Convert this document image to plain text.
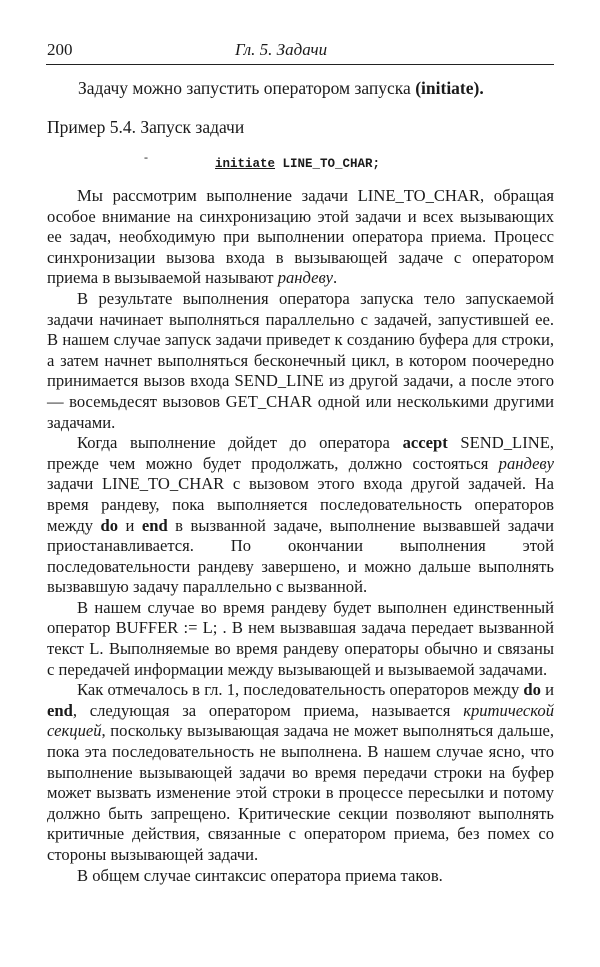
200	Гл. 5. Задачи
Задачу можно запустить оператором запуска (initiate).
Пример 5.4. Запуск задачи
-	initiate LINE_TO_CHAR;

Мы рассмотрим выполнение задачи LINE_TO_CHAR, обращая особое внимание на синхронизацию этой задачи и всех вызывающих ее задач, необходимую при выполнении оператора приема. Процесс синхронизации вызова входа в вызывающей задаче с оператором приема в вызываемой называют рандеву.

В результате выполнения оператора запуска тело запускаемой задачи начинает выполняться параллельно с задачей, запустившей ее. В нашем случае запуск задачи приведет к созданию буфера для строки, а затем начнет выполняться бесконечный цикл, в котором поочередно принимается вызов входа SEND_LINE из другой задачи, а после этого — восемьдесят вызовов GET_CHAR одной или несколькими другими задачами.

Когда выполнение дойдет до оператора accept SEND_LINE, прежде чем можно будет продолжать, должно состояться рандеву задачи LINE_TO_CHAR с вызовом этого входа другой задачей. На время рандеву, пока выполняется последовательность операторов между do и end в вызванной задаче, выполнение вызвавшей задачи приостанавливается. По окончании выполнения этой последовательности рандеву завершено, и можно дальше выполнять вызвавшую задачу параллельно с вызванной.

В нашем случае во время рандеву будет выполнен единственный оператор BUFFER := L; . В нем вызвавшая задача передает вызванной текст L. Выполняемые во время рандеву операторы обычно и связаны с передачей информации между вызывающей и вызываемой задачами.

Как отмечалось в гл. 1, последовательность операторов между do и end, следующая за оператором приема, называется критической секцией, поскольку вызывающая задача не может выполняться дальше, пока эта последовательность не выполнена. В нашем случае ясно, что выполнение вызывающей задачи во время передачи строки на буфер может вызвать изменение этой строки в процессе пересылки и потому должно быть запрещено. Критические секции позволяют выполнять критичные действия, связанные с оператором приема, без помех со стороны вызывающей задачи.

В общем случае синтаксис оператора приема таков.
